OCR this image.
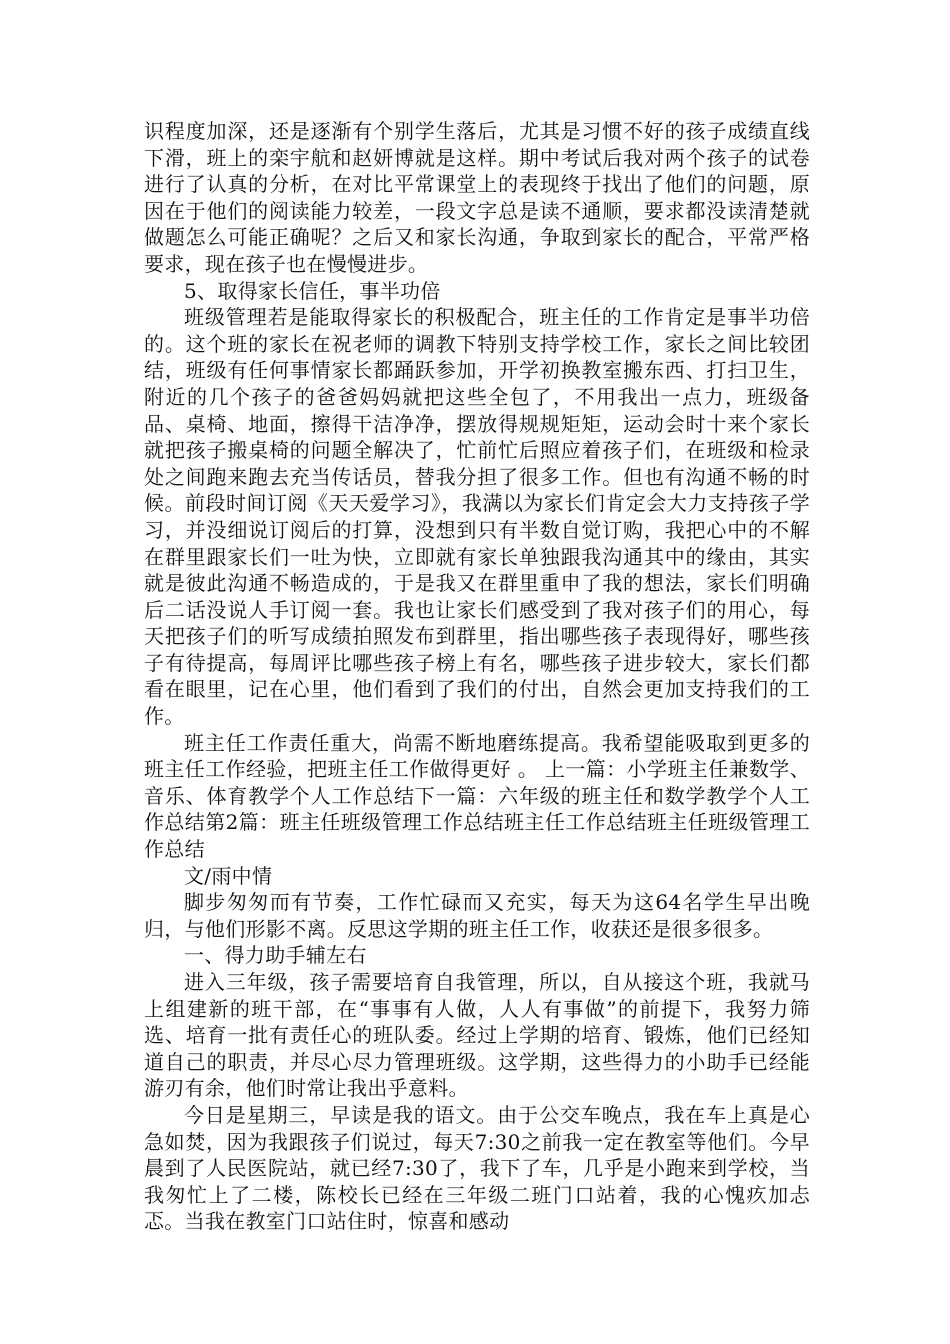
识程度加深，还是逐渐有个别学生落后，尤其是习惯不好的孩子成绩直线下滑，班上的栾宇航和赵妍博就是这样。期中考试后我对两个孩子的试卷进行了认真的分析，在对比平常课堂上的表现终于找出了他们的问题，原因在于他们的阅读能力较差，一段文字总是读不通顺，要求都没读清楚就做题怎么可能正确呢？之后又和家长沟通，争取到家长的配合，平常严格要求，现在孩子也在慢慢进步。

5、取得家长信任，事半功倍

班级管理若是能取得家长的积极配合，班主任的工作肯定是事半功倍的。这个班的家长在祝老师的调教下特别支持学校工作，家长之间比较团结，班级有任何事情家长都踊跃参加，开学初换教室搬东西、打扫卫生，附近的几个孩子的爸爸妈妈就把这些全包了，不用我出一点力，班级备品、桌椅、地面，擦得干洁净净，摆放得规规矩矩，运动会时十来个家长就把孩子搬桌椅的问题全解决了，忙前忙后照应着孩子们，在班级和检录处之间跑来跑去充当传话员，替我分担了很多工作。但也有沟通不畅的时候。前段时间订阅《天天爱学习》，我满以为家长们肯定会大力支持孩子学习，并没细说订阅后的打算，没想到只有半数自觉订购，我把心中的不解在群里跟家长们一吐为快，立即就有家长单独跟我沟通其中的缘由，其实就是彼此沟通不畅造成的，于是我又在群里重申了我的想法，家长们明确后二话没说人手订阅一套。我也让家长们感受到了我对孩子们的用心，每天把孩子们的听写成绩拍照发布到群里，指出哪些孩子表现得好，哪些孩子有待提高，每周评比哪些孩子榜上有名，哪些孩子进步较大，家长们都看在眼里，记在心里，他们看到了我们的付出，自然会更加支持我们的工作。

班主任工作责任重大，尚需不断地磨练提高。我希望能吸取到更多的班主任工作经验，把班主任工作做得更好 。 上一篇：小学班主任兼数学、音乐、体育教学个人工作总结下一篇：六年级的班主任和数学教学个人工作总结第2篇：班主任班级管理工作总结班主任工作总结班主任班级管理工作总结

文/雨中情

脚步匆匆而有节奏，工作忙碌而又充实，每天为这64名学生早出晚归，与他们形影不离。反思这学期的班主任工作，收获还是很多很多。

一、得力助手辅左右

进入三年级，孩子需要培育自我管理，所以，自从接这个班，我就马上组建新的班干部，在“事事有人做，人人有事做”的前提下，我努力筛选、培育一批有责任心的班队委。经过上学期的培育、锻炼，他们已经知道自己的职责，并尽心尽力管理班级。这学期，这些得力的小助手已经能游刃有余，他们时常让我出乎意料。

今日是星期三，早读是我的语文。由于公交车晚点，我在车上真是心急如焚，因为我跟孩子们说过，每天7:30之前我一定在教室等他们。今早晨到了人民医院站，就已经7:30了，我下了车，几乎是小跑来到学校，当我匆忙上了二楼，陈校长已经在三年级二班门口站着，我的心愧疚加忐忑。当我在教室门口站住时，惊喜和感动
